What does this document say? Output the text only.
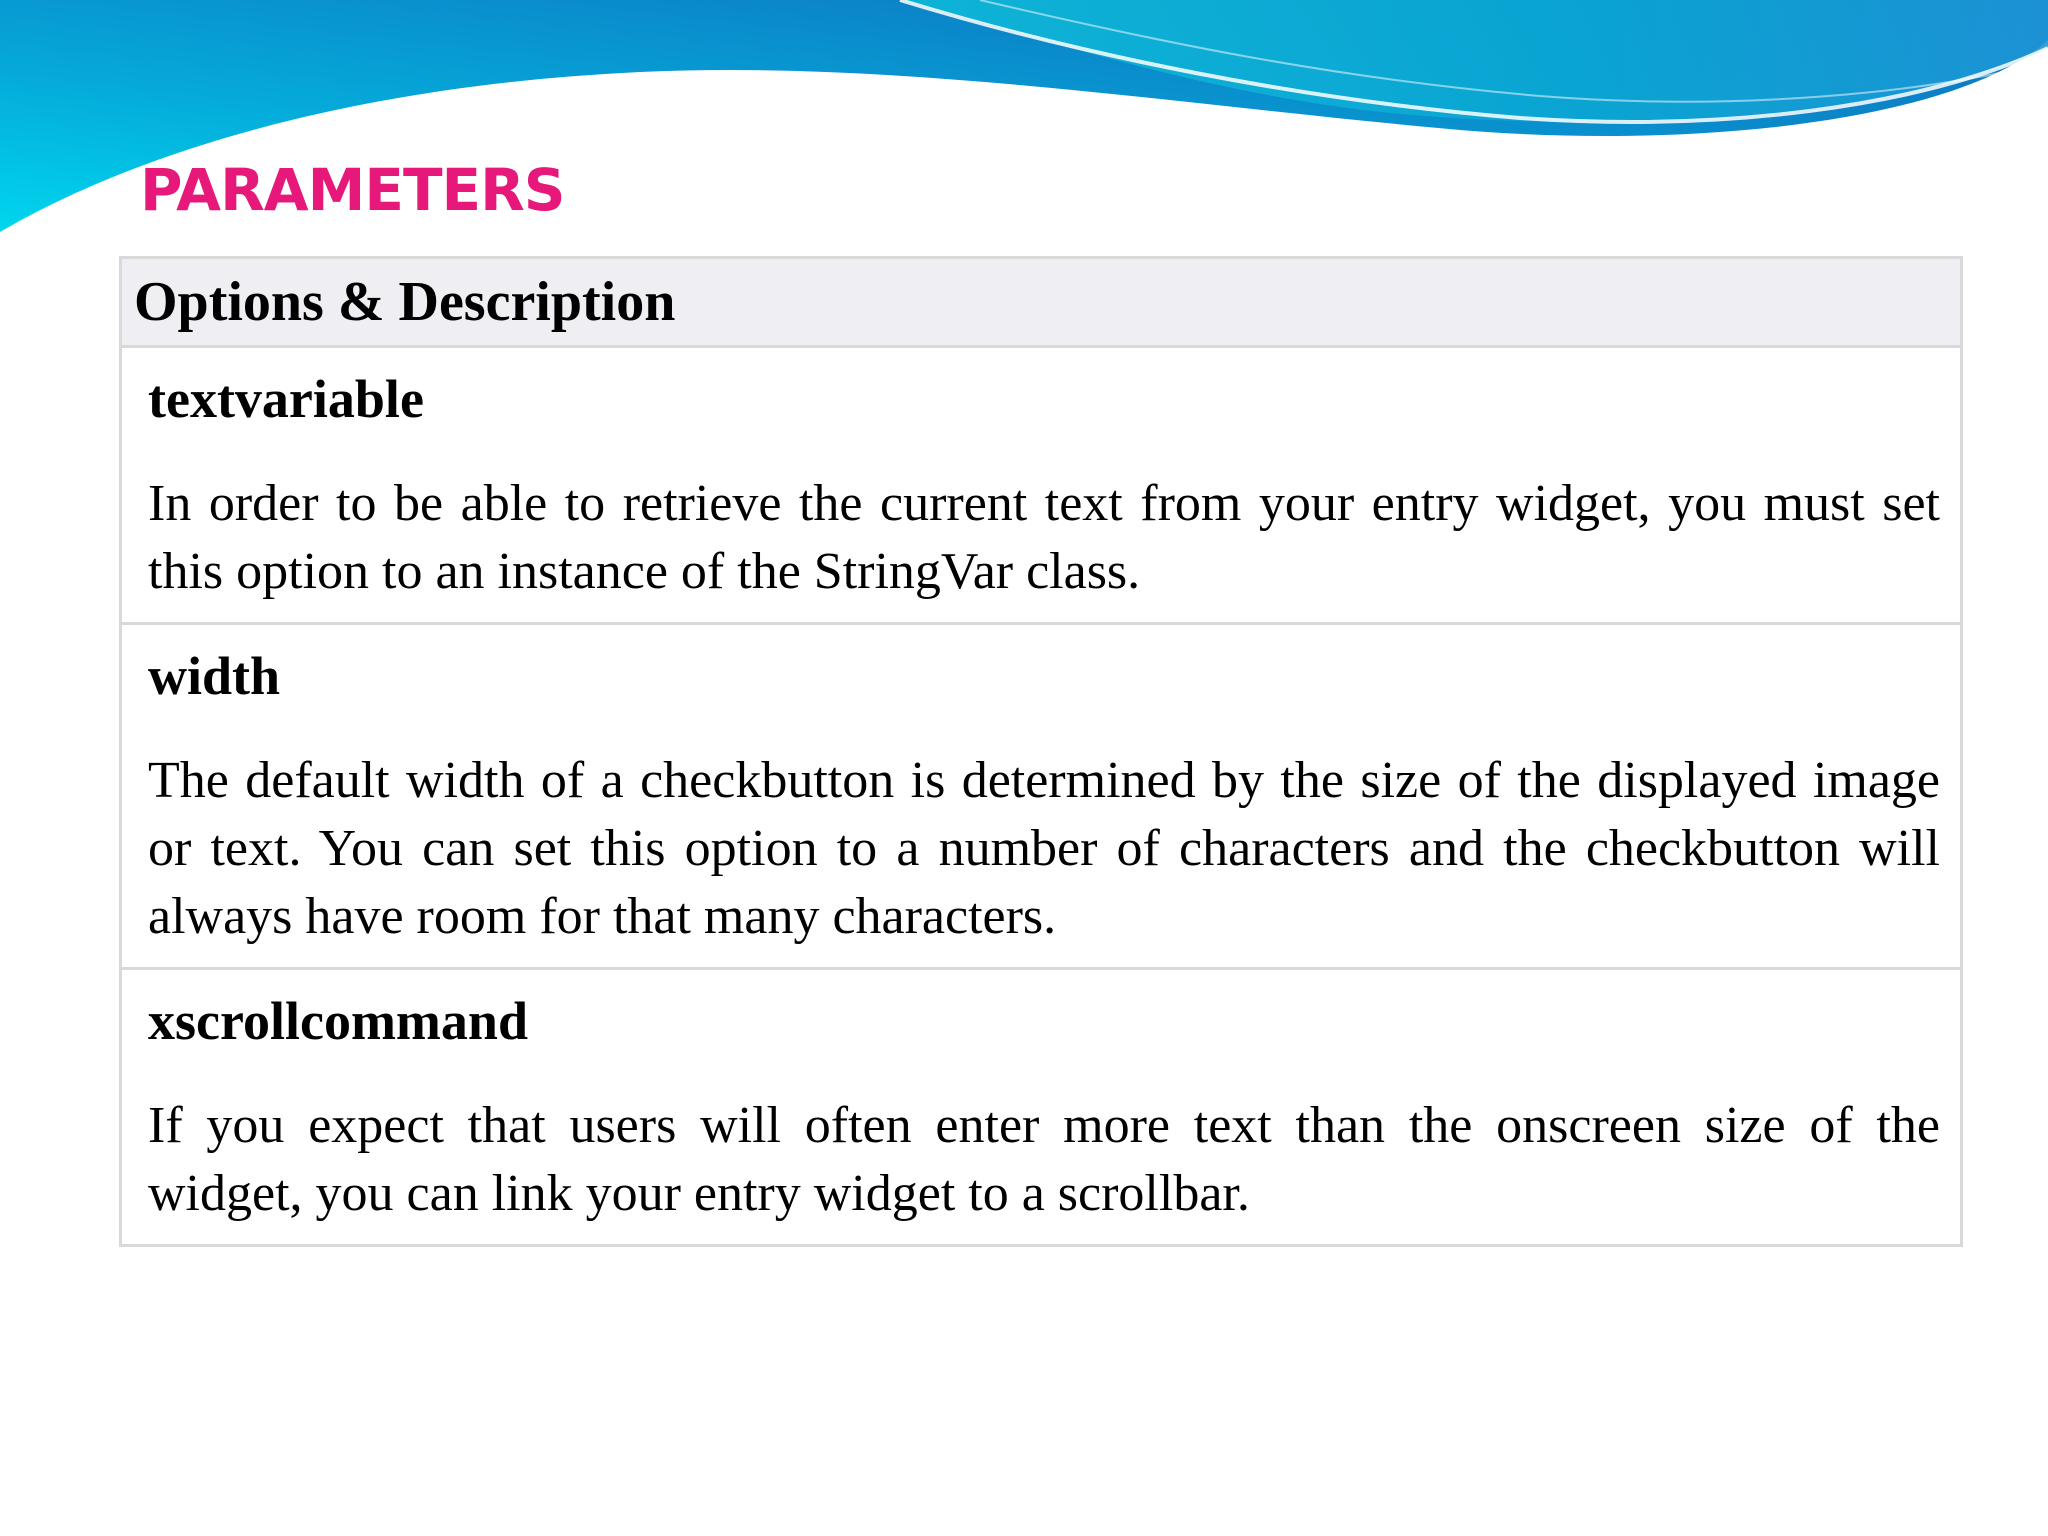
PARAMETERS
Options & Description

textvariable

In order to be able to retrieve the current text from your entry widget, you must set this option to an instance of the StringVar class.

width

The default width of a checkbutton is determined by the size of the displayed image or text. You can set this option to a number of characters and the checkbutton will always have room for that many characters.

xscrollcommand

If you expect that users will often enter more text than the onscreen size of the widget, you can link your entry widget to a scrollbar.
